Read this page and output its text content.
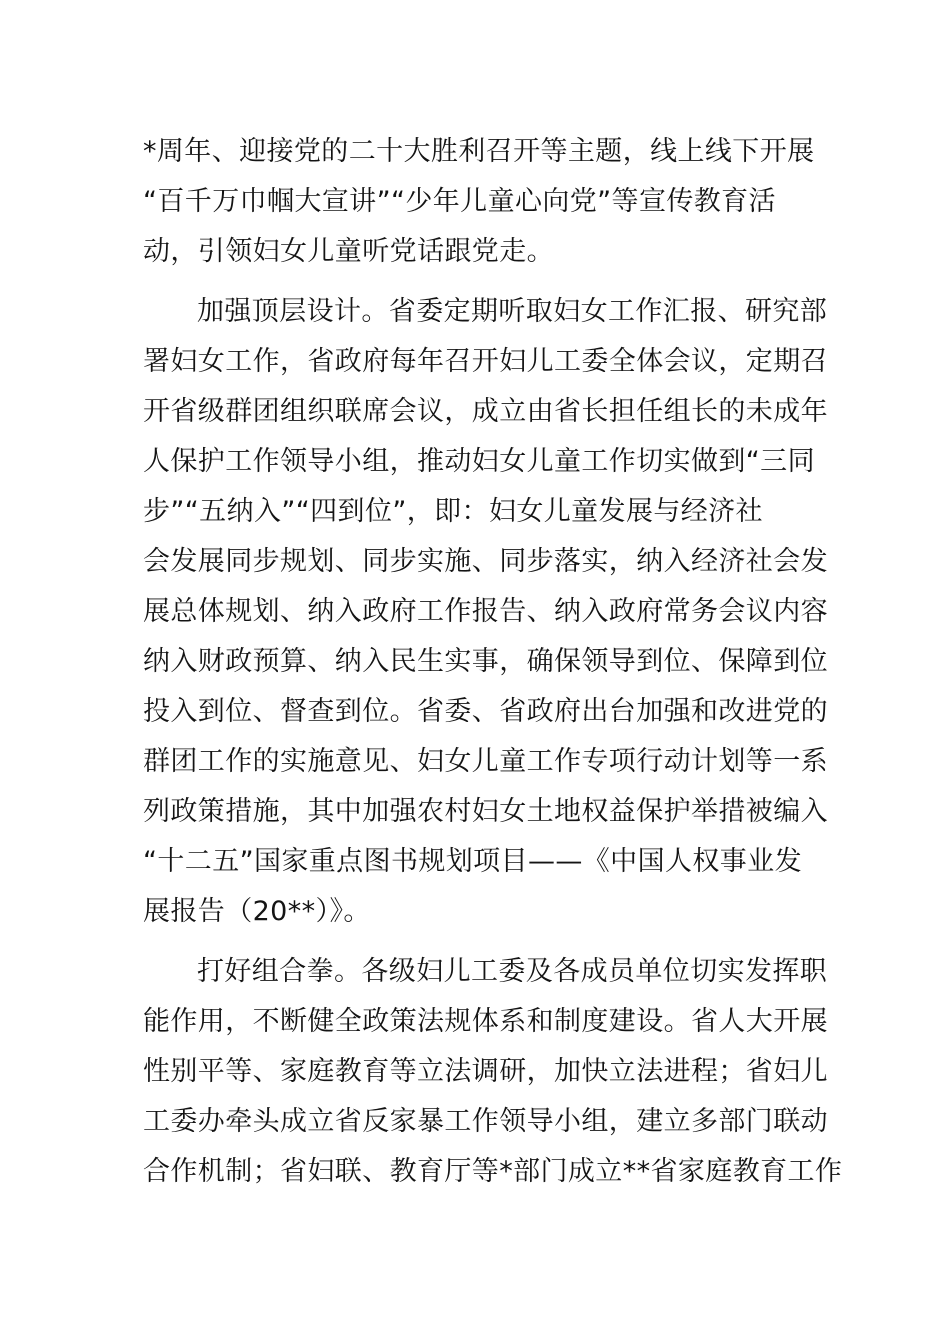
*周年、迎接党的二十大胜利召开等主题，线上线下开展
“百千万巾帼大宣讲”“少年儿童心向党”等宣传教育活
动，引领妇女儿童听党话跟党走。
加强顶层设计。省委定期听取妇女工作汇报、研究部
署妇女工作，省政府每年召开妇儿工委全体会议，定期召
开省级群团组织联席会议，成立由省长担任组长的未成年
人保护工作领导小组，推动妇女儿童工作切实做到“三同
步”“五纳入”“四到位”，即：妇女儿童发展与经济社
会发展同步规划、同步实施、同步落实，纳入经济社会发
展总体规划、纳入政府工作报告、纳入政府常务会议内容
纳入财政预算、纳入民生实事，确保领导到位、保障到位
投入到位、督查到位。省委、省政府出台加强和改进党的
群团工作的实施意见、妇女儿童工作专项行动计划等一系
列政策措施，其中加强农村妇女土地权益保护举措被编入
“十二五”国家重点图书规划项目——《中国人权事业发
展报告（20**）》。
打好组合拳。各级妇儿工委及各成员单位切实发挥职
能作用，不断健全政策法规体系和制度建设。省人大开展
性别平等、家庭教育等立法调研，加快立法进程；省妇儿
工委办牵头成立省反家暴工作领导小组，建立多部门联动
合作机制；省妇联、教育厅等*部门成立**省家庭教育工作
